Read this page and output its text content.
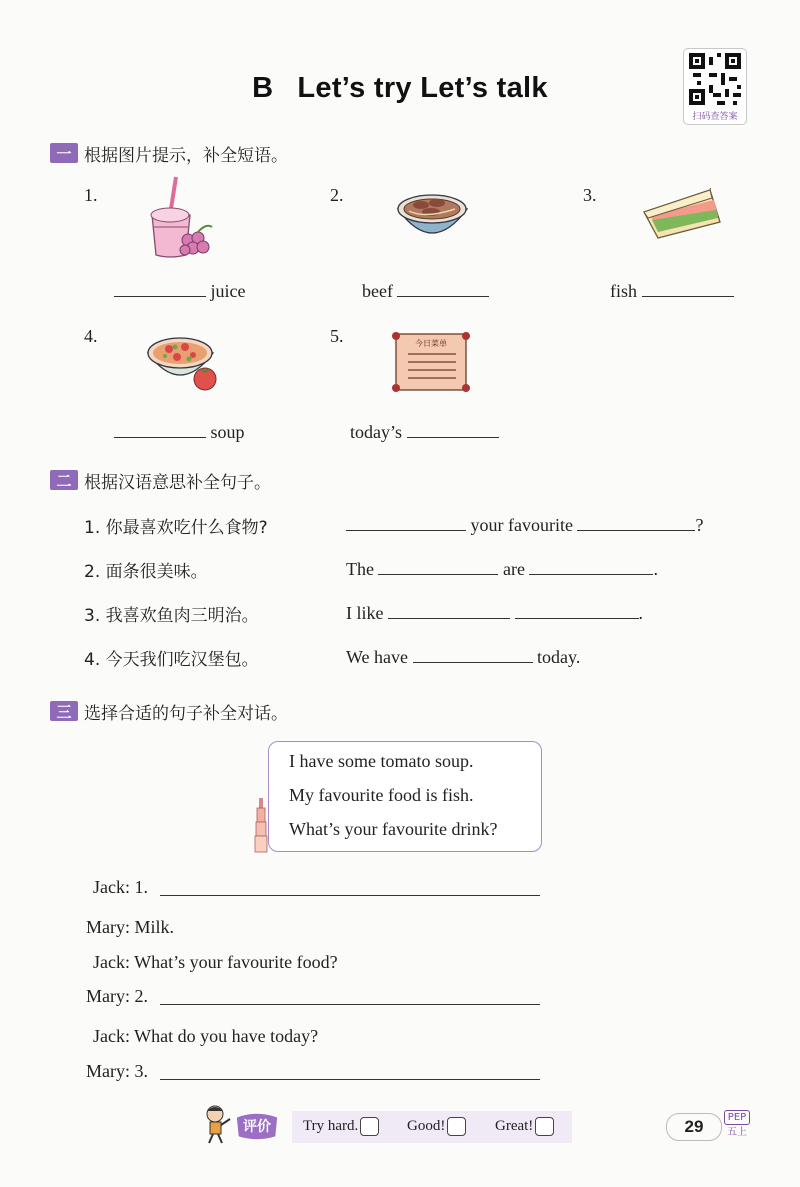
B Let’s try Let’s talk
扫码查答案
一 根据图片提示，补全短语。
1.
juice
2.
beef
3.
fish
4.
soup
5.	今日菜单
today’s
二 根据汉语意思补全句子。
1. 你最喜欢吃什么食物?	your favourite	?
2. 面条很美味。	The	are	.
3. 我喜欢鱼肉三明治。	I like	.
4. 今天我们吃汉堡包。	We have	today.
三 选择合适的句子补全对话。
I have some tomato soup.
My favourite food is fish.
What’s your favourite drink?
Jack: 1.
Mary: Milk.
Jack: What’s your favourite food?
Mary: 2.
Jack: What do you have today?
Mary: 3.
评价 Try hard.	Good!	Great!	29	PEP
五上
